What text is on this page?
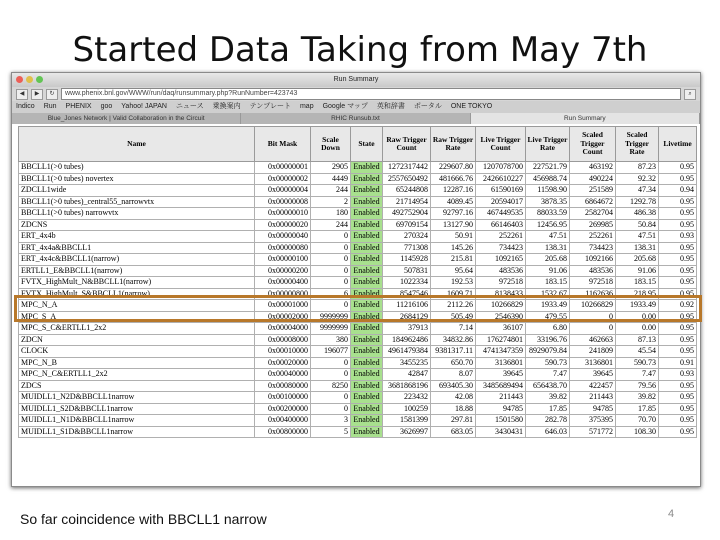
Started Data Taking from May 7th
Run Summary
◀	▶	↻	www.phenix.bnl.gov/WWW/run/daq/runsummary.php?RunNumber=423743	⌕
Indico Run PHENIX goo Yahoo! JAPAN ニュース 乗換案内 テンプレート map Google マップ 英和辞書 ポータル ONE TOKYO
Blue_Jones Network | Valid Collaboration in the Circuit	RHIC Runsub.txt	Run Summary
Name	Bit Mask	Scale Down	State	Raw Trigger Count	Raw Trigger Rate	Live Trigger Count	Live Trigger Rate	Scaled Trigger Count	Scaled Trigger Rate	Livetime
BBCLL1(>0 tubes)	0x00000001	2905	Enabled	1272317442	229607.80	1207078700	227521.79	463192	87.23	0.95
BBCLL1(>0 tubes) novertex	0x00000002	4449	Enabled	2557650492	481666.76	2426610227	456988.74	490224	92.32	0.95
ZDCLL1wide	0x00000004	244	Enabled	65244808	12287.16	61590169	11598.90	251589	47.34	0.94
BBCLL1(>0 tubes)_central55_narrowvtx	0x00000008	2	Enabled	21714954	4089.45	20594017	3878.35	6864672	1292.78	0.95
BBCLL1(>0 tubes) narrowvtx	0x00000010	180	Enabled	492752904	92797.16	467449535	88033.59	2582704	486.38	0.95
ZDCNS	0x00000020	244	Enabled	69709154	13127.90	66146403	12456.95	269985	50.84	0.95
ERT_4x4b	0x00000040	0	Enabled	270324	50.91	252261	47.51	252261	47.51	0.93
ERT_4x4a&BBCLL1	0x00000080	0	Enabled	771308	145.26	734423	138.31	734423	138.31	0.95
ERT_4x4c&BBCLL1(narrow)	0x00000100	0	Enabled	1145928	215.81	1092165	205.68	1092166	205.68	0.95
ERTLL1_E&BBCLL1(narrow)	0x00000200	0	Enabled	507831	95.64	483536	91.06	483536	91.06	0.95
FVTX_HighMult_N&BBCLL1(narrow)	0x00000400	0	Enabled	1022334	192.53	972518	183.15	972518	183.15	0.95
FVTX_HighMult_S&BBCLL1(narrow)	0x00000800	6	Enabled	8547546	1609.71	8138433	1532.67	1162636	218.95	0.95
MPC_N_A	0x00001000	0	Enabled	11216106	2112.26	10266829	1933.49	10266829	1933.49	0.92
MPC_S_A	0x00002000	9999999	Enabled	2684129	505.49	2546390	479.55	0	0.00	0.95
MPC_S_C&ERTLL1_2x2	0x00004000	9999999	Enabled	37913	7.14	36107	6.80	0	0.00	0.95
ZDCN	0x00008000	380	Enabled	184962486	34832.86	176274801	33196.76	462663	87.13	0.95
CLOCK	0x00010000	196077	Enabled	4961479384	9381317.11	4741347359	8929079.84	241809	45.54	0.95
MPC_N_B	0x00020000	0	Enabled	3455235	650.70	3136801	590.73	3136801	590.73	0.91
MPC_N_C&ERTLL1_2x2	0x00040000	0	Enabled	42847	8.07	39645	7.47	39645	7.47	0.93
ZDCS	0x00080000	8250	Enabled	3681868196	693405.30	3485689494	656438.70	422457	79.56	0.95
MUIDLL1_N2D&BBCLL1narrow	0x00100000	0	Enabled	223432	42.08	211443	39.82	211443	39.82	0.95
MUIDLL1_S2D&BBCLL1narrow	0x00200000	0	Enabled	100259	18.88	94785	17.85	94785	17.85	0.95
MUIDLL1_N1D&BBCLL1narrow	0x00400000	3	Enabled	1581399	297.81	1501580	282.78	375395	70.70	0.95
MUIDLL1_S1D&BBCLL1narrow	0x00800000	5	Enabled	3626997	683.05	3430431	646.03	571772	108.30	0.95
So far coincidence with BBCLL1 narrow	4
